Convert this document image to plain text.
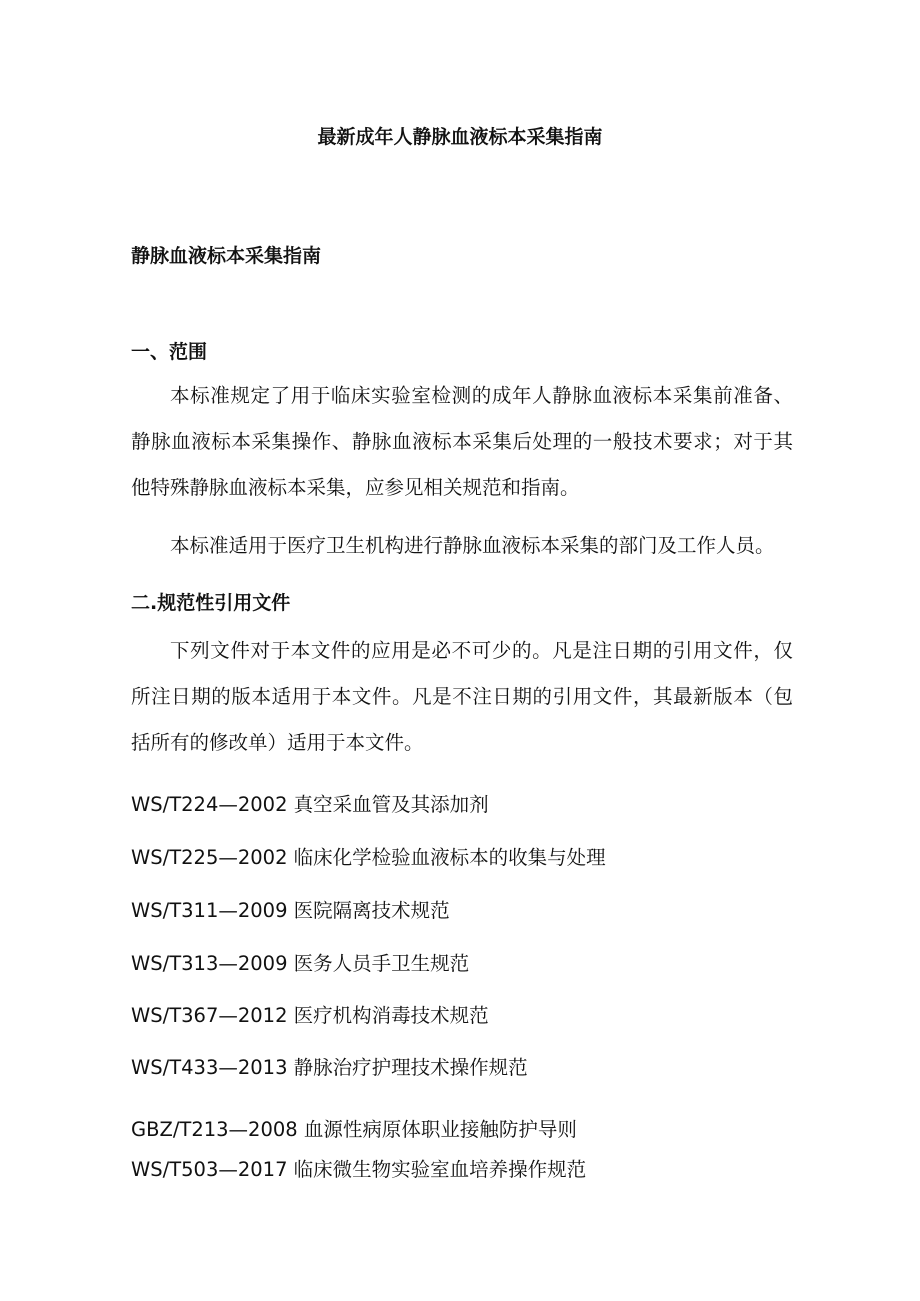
最新成年人静脉血液标本采集指南
静脉血液标本采集指南
一、范围

本标准规定了用于临床实验室检测的成年人静脉血液标本采集前准备、静脉血液标本采集操作、静脉血液标本采集后处理的一般技术要求；对于其他特殊静脉血液标本采集，应参见相关规范和指南。

本标准适用于医疗卫生机构进行静脉血液标本采集的部门及工作人员。

二.规范性引用文件

下列文件对于本文件的应用是必不可少的。凡是注日期的引用文件，仅所注日期的版本适用于本文件。凡是不注日期的引用文件，其最新版本（包括所有的修改单）适用于本文件。

WS/T224—2002 真空采血管及其添加剂

WS/T225—2002 临床化学检验血液标本的收集与处理

WS/T311—2009 医院隔离技术规范

WS/T313—2009 医务人员手卫生规范

WS/T367—2012 医疗机构消毒技术规范

WS/T433—2013 静脉治疗护理技术操作规范

GBZ/T213—2008 血源性病原体职业接触防护导则

WS/T503—2017 临床微生物实验室血培养操作规范
